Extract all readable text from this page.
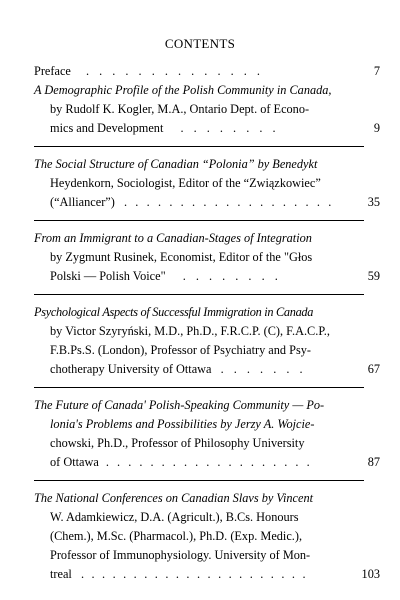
CONTENTS
Preface . . . . . . . . . . . . . .	7
A Demographic Profile of the Polish Community in Canada,
by Rudolf K. Kogler, M.A., Ontario Dept. of Econo-
mics and Development . . . . . . . .	9
The Social Structure of Canadian “Polonia” by Benedykt
Heydenkorn, Sociologist, Editor of the “Związkowiec”
(“Alliancer”) . . . . . . . . . . . . . . . . . . .	35
From an Immigrant to a Canadian-Stages of Integration
by Zygmunt Rusinek, Economist, Editor of the "Głos
Polski — Polish Voice" . . . . . . . .	59
Psychological Aspects of Successful Immigration in Canada
by Victor Szyryński, M.D., Ph.D., F.R.C.P. (C), F.A.C.P.,
F.B.Ps.S. (London), Professor of Psychiatry and Psy-
chotherapy University of Ottawa . . . . . . .	67
The Future of Canada' Polish-Speaking Community — Po-
lonia's Problems and Possibilities by Jerzy A. Wojcie-
chowski, Ph.D., Professor of Philosophy University
of Ottawa . . . . . . . . . . . . . . . . . . .	87
The National Conferences on Canadian Slavs by Vincent
W. Adamkiewicz, D.A. (Agricult.), B.Cs. Honours
(Chem.), M.Sc. (Pharmacol.), Ph.D. (Exp. Medic.),
Professor of Immunophysiology. University of Mon-
treal . . . . . . . . . . . . . . . . . . . . . .	103
